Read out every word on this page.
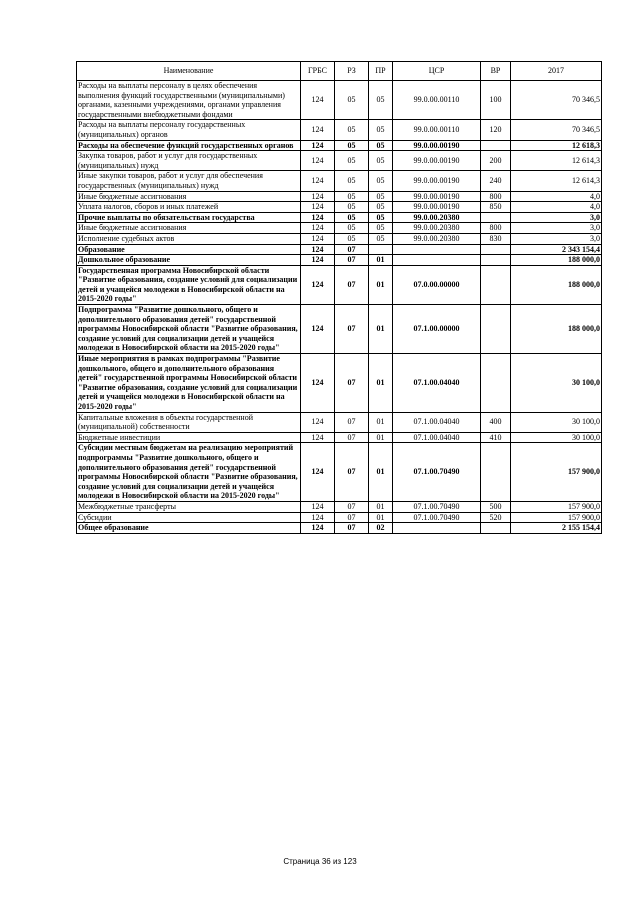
Наименование	ГРБС	РЗ	ПР	ЦСР	ВР	2017
Расходы на выплаты персоналу в целях обеспечения выполнения функций государственными (муниципальными) органами, казенными учреждениями, органами управления государственными внебюджетными фондами	124	05	05	99.0.00.00110	100	70 346,5
Расходы на выплаты персоналу государственных (муниципальных) органов	124	05	05	99.0.00.00110	120	70 346,5
Расходы на обеспечение функций государственных органов	124	05	05	99.0.00.00190		12 618,3
Закупка товаров, работ и услуг для государственных (муниципальных) нужд	124	05	05	99.0.00.00190	200	12 614,3
Иные закупки товаров, работ и услуг для обеспечения государственных (муниципальных) нужд	124	05	05	99.0.00.00190	240	12 614,3
Иные бюджетные ассигнования	124	05	05	99.0.00.00190	800	4,0
Уплата налогов, сборов и иных платежей	124	05	05	99.0.00.00190	850	4,0
Прочие выплаты по обязательствам государства	124	05	05	99.0.00.20380		3,0
Иные бюджетные ассигнования	124	05	05	99.0.00.20380	800	3,0
Исполнение судебных актов	124	05	05	99.0.00.20380	830	3,0
Образование	124	07				2 343 154,4
Дошкольное образование	124	07	01			188 000,0
Государственная программа Новосибирской области "Развитие образования, создание условий для социализации детей и учащейся молодежи в Новосибирской области на 2015-2020 годы"	124	07	01	07.0.00.00000		188 000,0
Подпрограмма "Развитие дошкольного, общего и дополнительного образования детей" государственной программы Новосибирской области "Развитие образования, создание условий для социализации детей и учащейся молодежи в Новосибирской области на 2015-2020 годы"	124	07	01	07.1.00.00000		188 000,0
Иные мероприятия в рамках подпрограммы "Развитие дошкольного, общего и дополнительного образования детей" государственной программы Новосибирской области "Развитие образования, создание условий для социализации детей и учащейся молодежи в Новосибирской области на 2015-2020 годы"	124	07	01	07.1.00.04040		30 100,0
Капитальные вложения в объекты государственной (муниципальной) собственности	124	07	01	07.1.00.04040	400	30 100,0
Бюджетные инвестиции	124	07	01	07.1.00.04040	410	30 100,0
Субсидии местным бюджетам на реализацию мероприятий подпрограммы "Развитие дошкольного, общего и дополнительного образования детей" государственной программы Новосибирской области "Развитие образования, создание условий для социализации детей и учащейся молодежи в Новосибирской области на 2015-2020 годы"	124	07	01	07.1.00.70490		157 900,0
Межбюджетные трансферты	124	07	01	07.1.00.70490	500	157 900,0
Субсидии	124	07	01	07.1.00.70490	520	157 900,0
Общее образование	124	07	02			2 155 154,4
Страница 36 из 123
